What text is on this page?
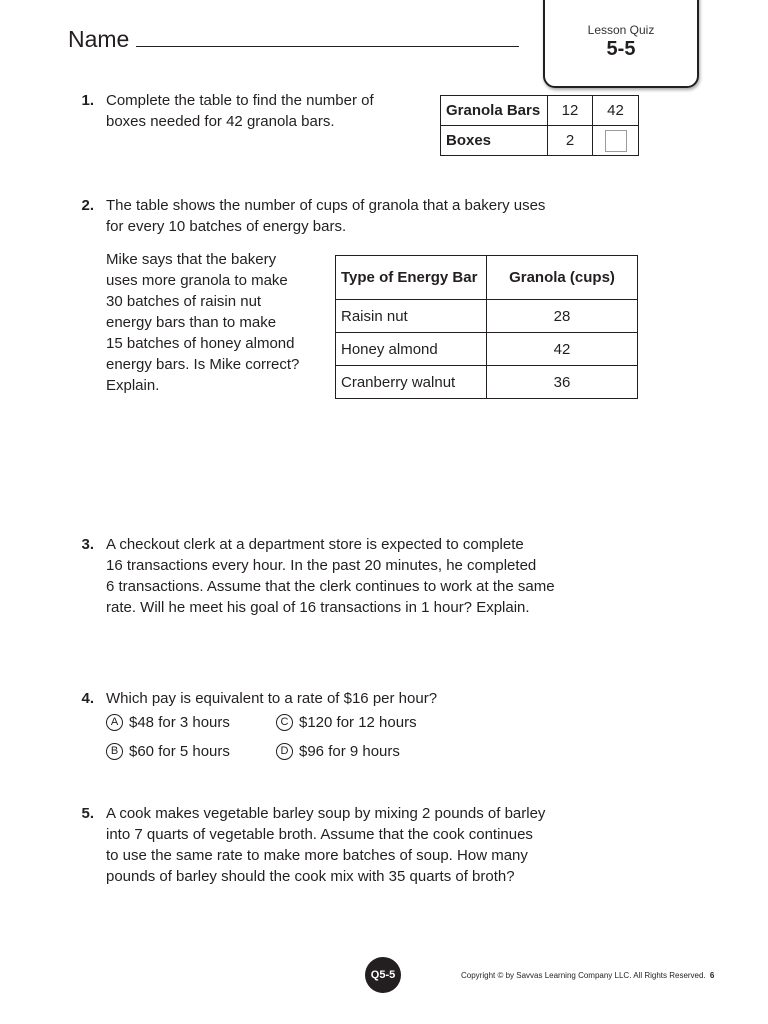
Name	Lesson Quiz
5-5
1. Complete the table to find the number of
boxes needed for 42 granola bars.
Granola Bars	12	42
Boxes	2	
2. The table shows the number of cups of granola that a bakery uses
for every 10 batches of energy bars.
Mike says that the bakery
uses more granola to make
30 batches of raisin nut
energy bars than to make
15 batches of honey almond
energy bars. Is Mike correct?
Explain.
Type of Energy Bar	Granola (cups)
Raisin nut	28
Honey almond	42
Cranberry walnut	36
3. A checkout clerk at a department store is expected to complete
16 transactions every hour. In the past 20 minutes, he completed
6 transactions. Assume that the clerk continues to work at the same
rate. Will he meet his goal of 16 transactions in 1 hour? Explain.
4. Which pay is equivalent to a rate of $16 per hour?
A $48 for 3 hours
B $60 for 5 hours
C $120 for 12 hours
D $96 for 9 hours
5. A cook makes vegetable barley soup by mixing 2 pounds of barley
into 7 quarts of vegetable broth. Assume that the cook continues
to use the same rate to make more batches of soup. How many
pounds of barley should the cook mix with 35 quarts of broth?
Q5-5	Copyright © by Savvas Learning Company LLC. All Rights Reserved. 6
